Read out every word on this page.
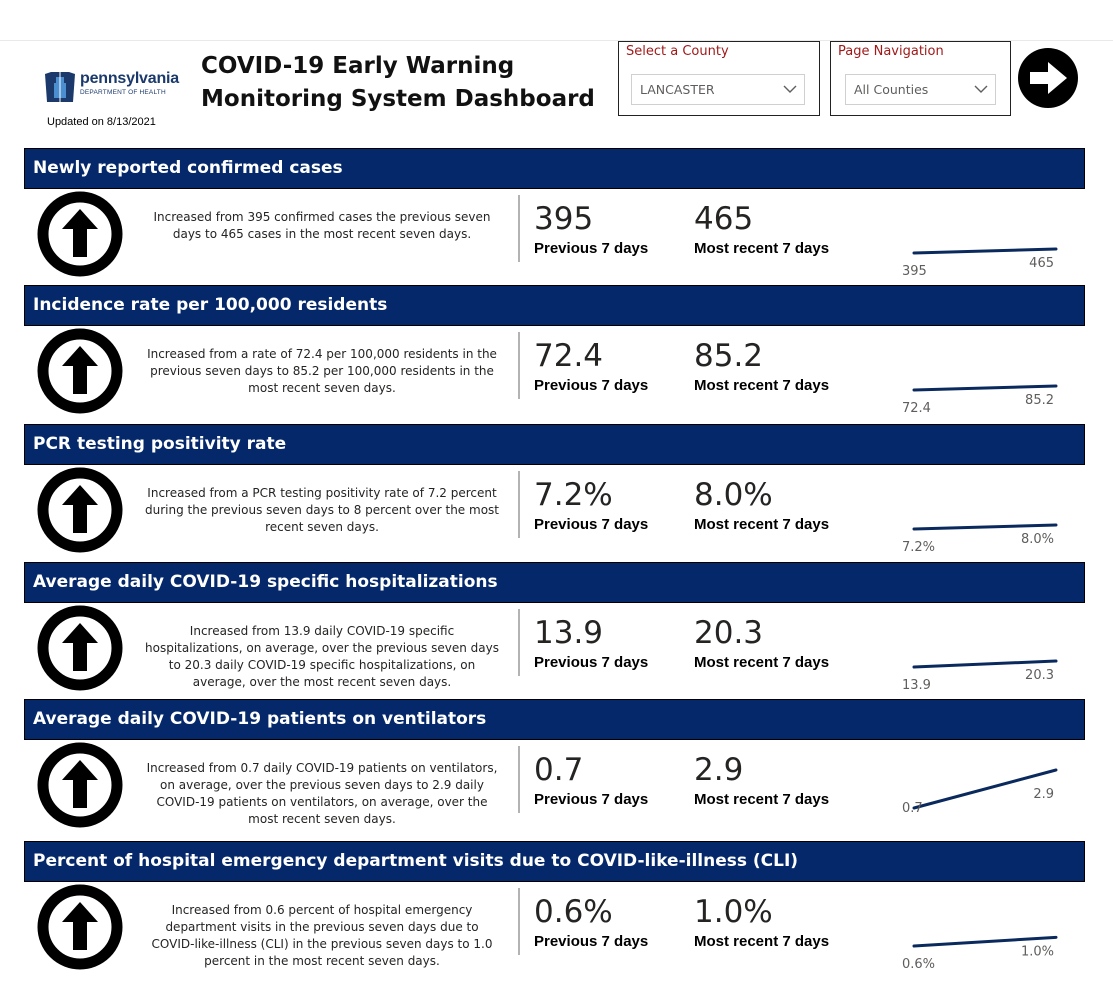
pennsylvania
DEPARTMENT OF HEALTH
Updated on 8/13/2021
COVID-19 Early Warning
Monitoring System Dashboard
Select a County
LANCASTER
Page Navigation
All Counties
Newly reported confirmed cases
Increased from 395 confirmed cases the previous seven days to 465 cases in the most recent seven days.	395
Previous 7 days
465
Most recent 7 days
395
465
Incidence rate per 100,000 residents
Increased from a rate of 72.4 per 100,000 residents in the previous seven days to 85.2 per 100,000 residents in the most recent seven days.
72.4
Previous 7 days
85.2
Most recent 7 days
72.4
85.2
PCR testing positivity rate
Increased from a PCR testing positivity rate of 7.2 percent during the previous seven days to 8 percent over the most recent seven days.
7.2%
Previous 7 days
8.0%
Most recent 7 days
7.2%
8.0%
Average daily COVID-19 specific hospitalizations
Increased from 13.9 daily COVID-19 specific hospitalizations, on average, over the previous seven days to 20.3 daily COVID-19 specific hospitalizations, on average, over the most recent seven days.
13.9
Previous 7 days
20.3
Most recent 7 days
13.9
20.3
Average daily COVID-19 patients on ventilators
Increased from 0.7 daily COVID-19 patients on ventilators, on average, over the previous seven days to 2.9 daily COVID-19 patients on ventilators, on average, over the most recent seven days.
0.7
Previous 7 days
2.9
Most recent 7 days
0.7
2.9
Percent of hospital emergency department visits due to COVID-like-illness (CLI)
Increased from 0.6 percent of hospital emergency department visits in the previous seven days due to COVID-like-illness (CLI) in the previous seven days to 1.0 percent in the most recent seven days.
0.6%
Previous 7 days
1.0%
Most recent 7 days
0.6%
1.0%
